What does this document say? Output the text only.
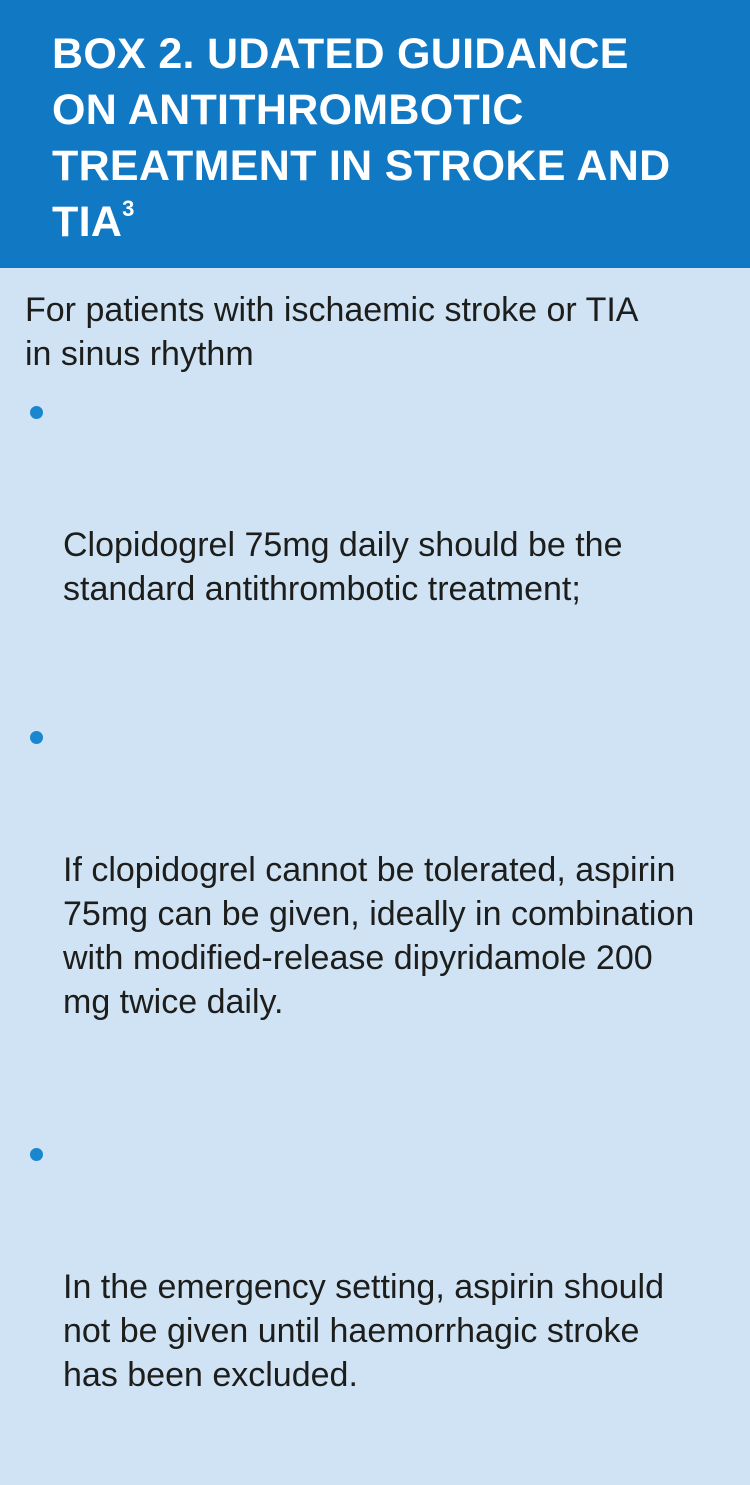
BOX 2. UDATED GUIDANCE
ON ANTITHROMBOTIC
TREATMENT IN STROKE AND
TIA$^3$

For patients with ischaemic stroke or TIA
in sinus rhythm

Clopidogrel 75mg daily should be the
standard antithrombotic treatment;

If clopidogrel cannot be tolerated, aspirin
75mg can be given, ideally in combination
with modified-release dipyridamole 200
mg twice daily.

In the emergency setting, aspirin should
not be given until haemorrhagic stroke
has been excluded.
